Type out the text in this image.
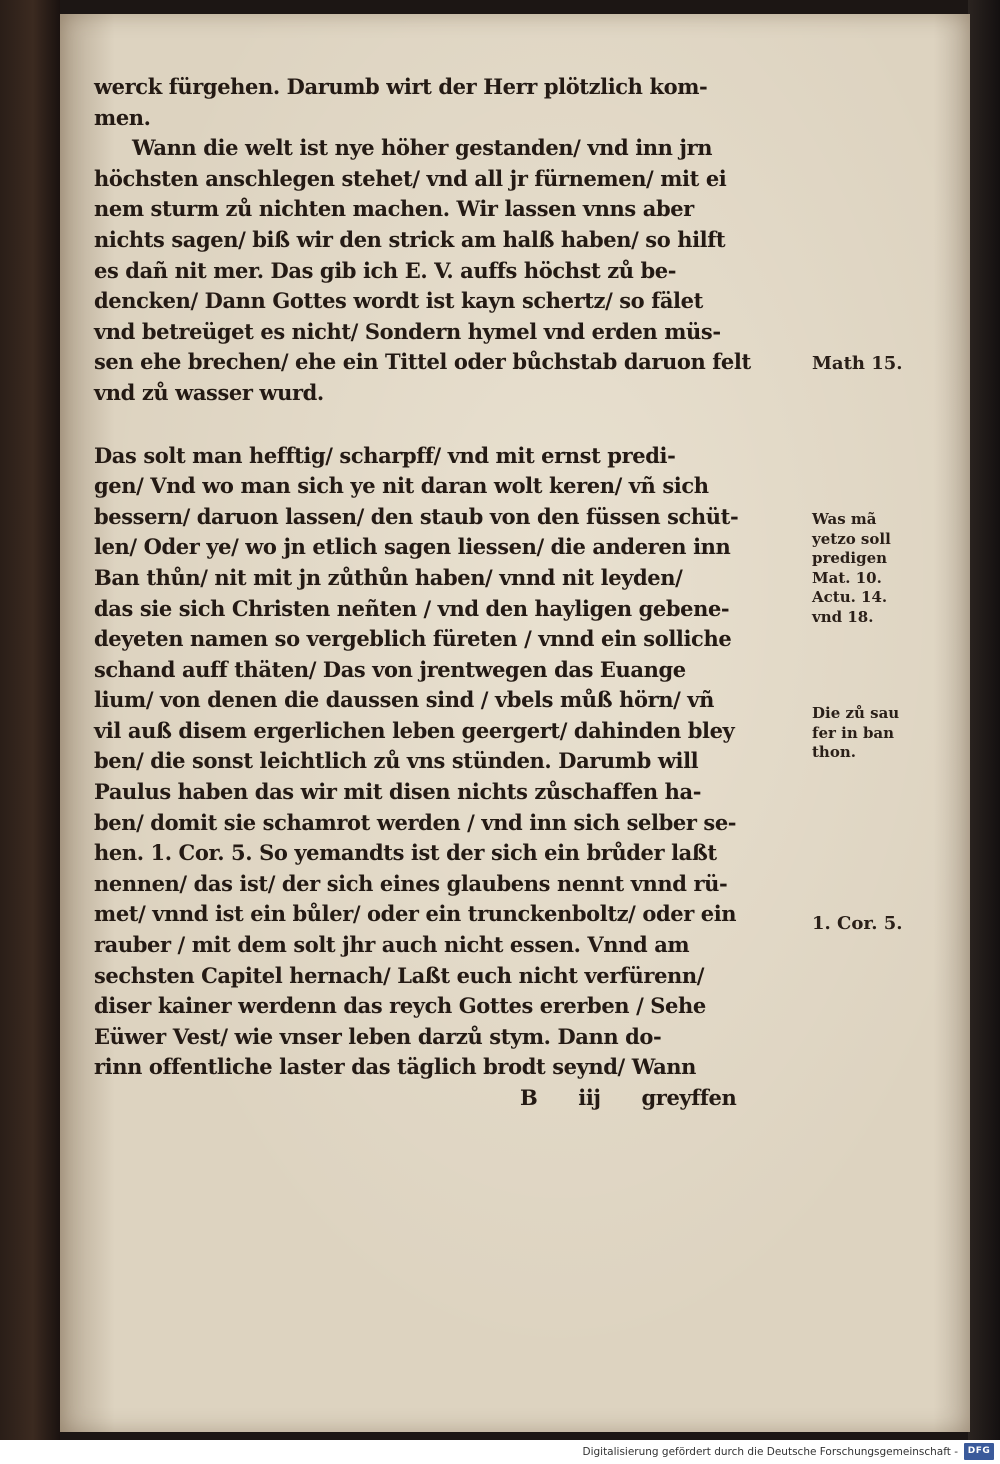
werck fürgehen. Darumb wirt der Herr plötzlich kom-
men.
Wann die welt ist nye höher gestanden/ vnd inn jrn
höchsten anschlegen stehet/ vnd all jr fürnemen/ mit ei
nem sturm zů nichten machen. Wir lassen vnns aber
nichts sagen/ biß wir den strick am halß haben/ so hilft
es dañ nit mer. Das gib ich E. V. auffs höchst zů be-
dencken/ Dann Gottes wordt ist kayn schertz/ so fälet
vnd betreüget es nicht/ Sondern hymel vnd erden müs-
sen ehe brechen/ ehe ein Tittel oder bůchstab daruon felt
vnd zů wasser wurd.
Das solt man hefftig/ scharpff/ vnd mit ernst predi-
gen/ Vnd wo man sich ye nit daran wolt keren/ vñ sich
bessern/ daruon lassen/ den staub von den füssen schüt-
len/ Oder ye/ wo jn etlich sagen liessen/ die anderen inn
Ban thůn/ nit mit jn zůthůn haben/ vnnd nit leyden/
das sie sich Christen neñten / vnd den hayligen gebene-
deyeten namen so vergeblich füreten / vnnd ein solliche
schand auff thäten/ Das von jrentwegen das Euange
lium/ von denen die daussen sind / vbels můß hörn/ vñ
vil auß disem ergerlichen leben geergert/ dahinden bley
ben/ die sonst leichtlich zů vns stünden. Darumb will
Paulus haben das wir mit disen nichts zůschaffen ha-
ben/ domit sie schamrot werden / vnd inn sich selber se-
hen. 1. Cor. 5. So yemandts ist der sich ein brůder laßt
nennen/ das ist/ der sich eines glaubens nennt vnnd rü-
met/ vnnd ist ein bůler/ oder ein trunckenboltz/ oder ein
rauber / mit dem solt jhr auch nicht essen. Vnnd am
sechsten Capitel hernach/ Laßt euch nicht verfürenn/
diser kainer werdenn das reych Gottes ererben / Sehe
Eüwer Vest/ wie vnser leben darzů stym. Dann do-
rinn offentliche laster das täglich brodt seynd/ Wann
B iij greyffen
Math 15.
Was mã
yetzo soll
predigen
Mat. 10.
Actu. 14.
vnd 18.
Die zů sau
fer in ban
thon.
1. Cor. 5.
Digitalisierung gefördert durch die Deutsche Forschungsgemeinschaft -	DFG
